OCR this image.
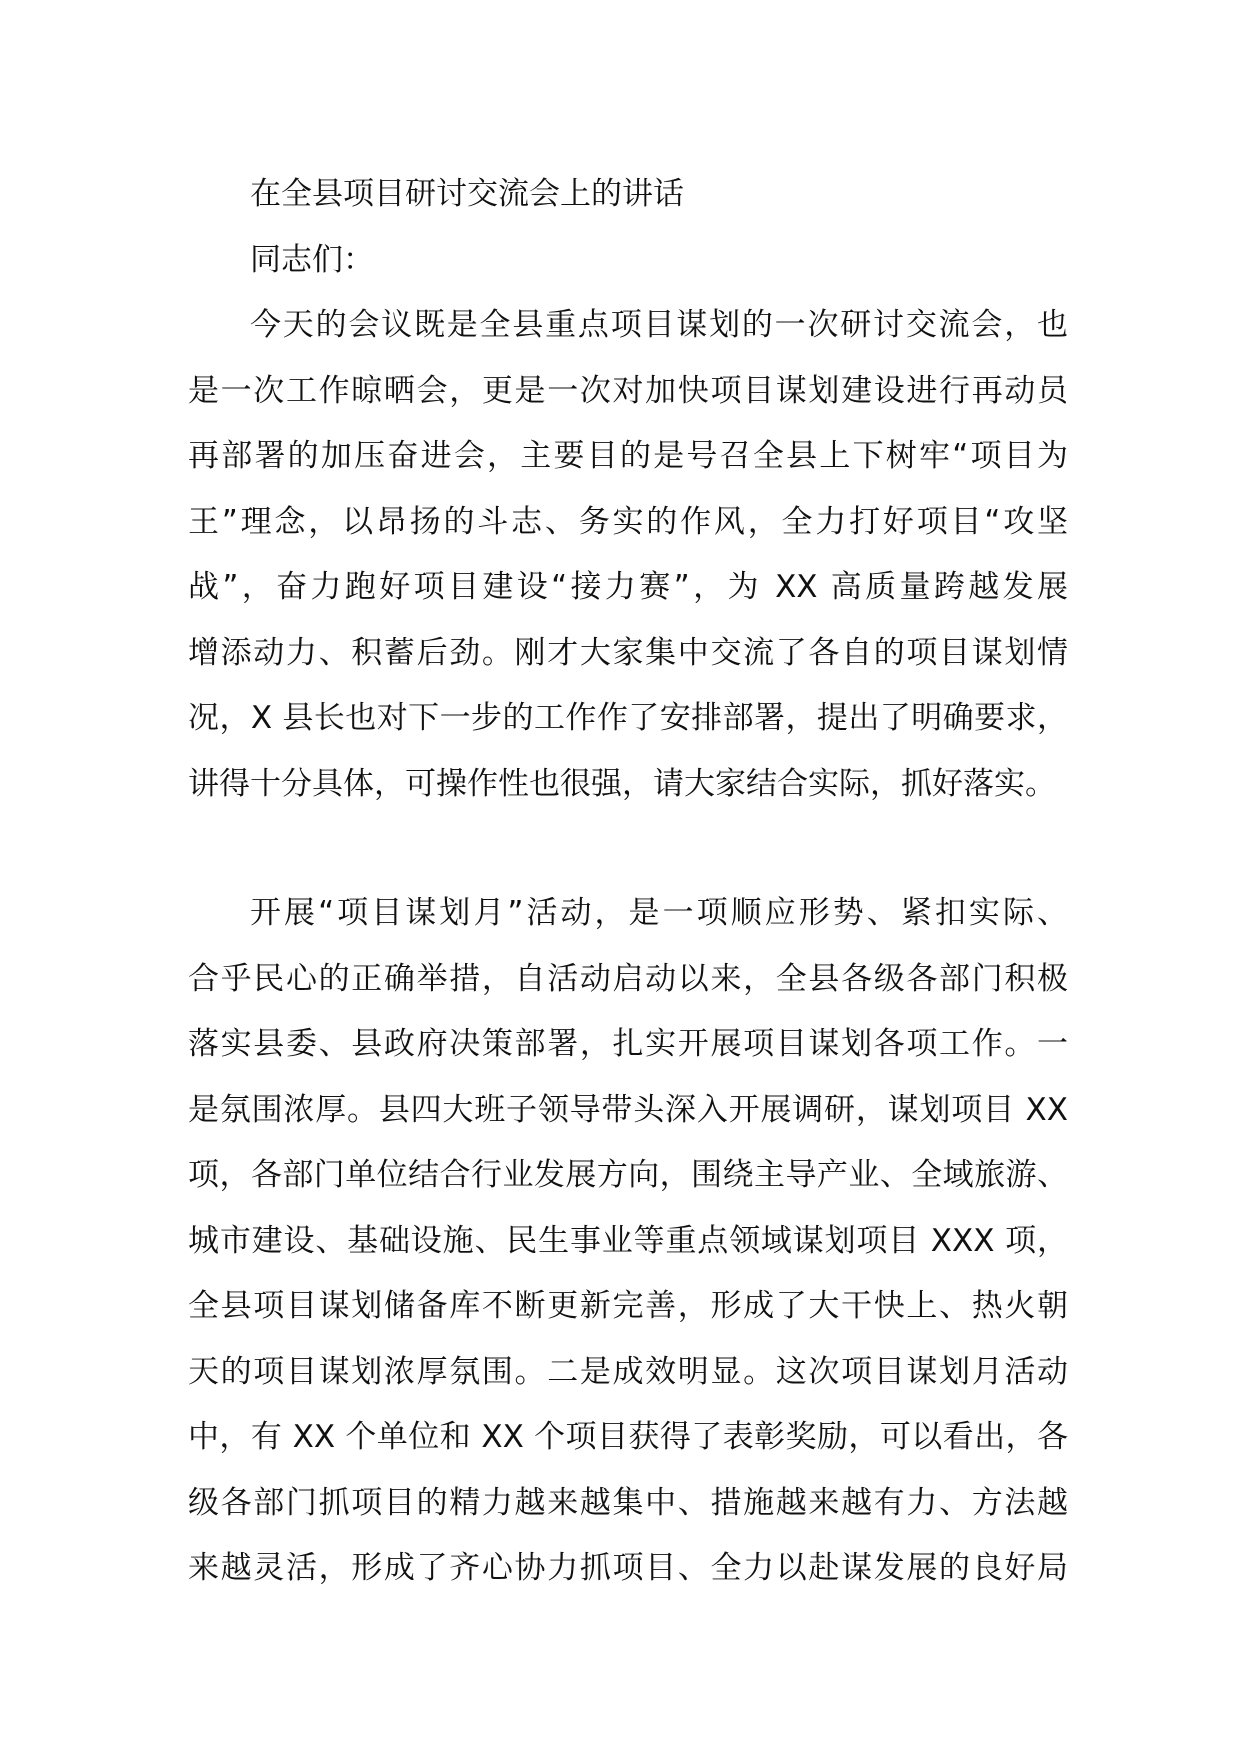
在全县项目研讨交流会上的讲话
同志们：
今天的会议既是全县重点项目谋划的一次研讨交流会，也
是一次工作晾晒会，更是一次对加快项目谋划建设进行再动员
再部署的加压奋进会，主要目的是号召全县上下树牢“项目为
王”理念，以昂扬的斗志、务实的作风，全力打好项目“攻坚
战”，奋力跑好项目建设“接力赛”，为 XX 高质量跨越发展
增添动力、积蓄后劲。刚才大家集中交流了各自的项目谋划情
况，X 县长也对下一步的工作作了安排部署，提出了明确要求，
讲得十分具体，可操作性也很强，请大家结合实际，抓好落实。
开展“项目谋划月”活动，是一项顺应形势、紧扣实际、
合乎民心的正确举措，自活动启动以来，全县各级各部门积极
落实县委、县政府决策部署，扎实开展项目谋划各项工作。一
是氛围浓厚。县四大班子领导带头深入开展调研，谋划项目 XX
项，各部门单位结合行业发展方向，围绕主导产业、全域旅游、
城市建设、基础设施、民生事业等重点领域谋划项目 XXX 项，
全县项目谋划储备库不断更新完善，形成了大干快上、热火朝
天的项目谋划浓厚氛围。二是成效明显。这次项目谋划月活动
中，有 XX 个单位和 XX 个项目获得了表彰奖励，可以看出，各
级各部门抓项目的精力越来越集中、措施越来越有力、方法越
来越灵活，形成了齐心协力抓项目、全力以赴谋发展的良好局
